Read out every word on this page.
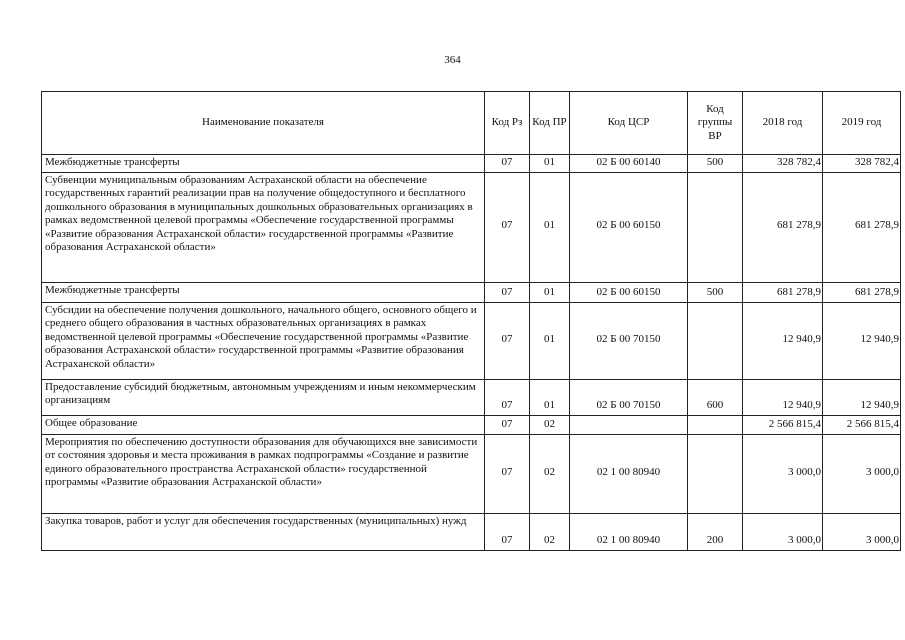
364
Наименование показателя	Код Рз	Код ПР	Код ЦСР	Код группы ВР	2018 год	2019 год
Межбюджетные трансферты	07	01	02 Б 00 60140	500	328 782,4	328 782,4
Субвенции муниципальным образованиям Астраханской области на обеспечение государственных гарантий реализации прав на получение общедоступного и бесплатного дошкольного образования в муниципальных дошкольных образовательных организациях в рамках ведомственной целевой программы «Обеспечение государственной программы «Развитие образования Астраханской области» государственной программы «Развитие образования Астраханской области»	07	01	02 Б 00 60150		681 278,9	681 278,9
Межбюджетные трансферты	07	01	02 Б 00 60150	500	681 278,9	681 278,9
Субсидии на обеспечение получения дошкольного, начального общего, основного общего и среднего общего образования в частных образовательных организациях в рамках ведомственной целевой программы «Обеспечение государственной программы «Развитие образования Астраханской области» государственной программы «Развитие образования Астраханской области»	07	01	02 Б 00 70150		12 940,9	12 940,9
Предоставление субсидий бюджетным, автономным учреждениям и иным некоммерческим организациям	07	01	02 Б 00 70150	600	12 940,9	12 940,9
Общее образование	07	02			2 566 815,4	2 566 815,4
Мероприятия по обеспечению доступности образования для обучающихся вне зависимости от состояния здоровья и места проживания в рамках подпрограммы «Создание и развитие единого образовательного пространства Астраханской области» государственной программы «Развитие образования Астраханской области»	07	02	02 1 00 80940		3 000,0	3 000,0
Закупка товаров, работ и услуг для обеспечения государственных (муниципальных) нужд	07	02	02 1 00 80940	200	3 000,0	3 000,0
